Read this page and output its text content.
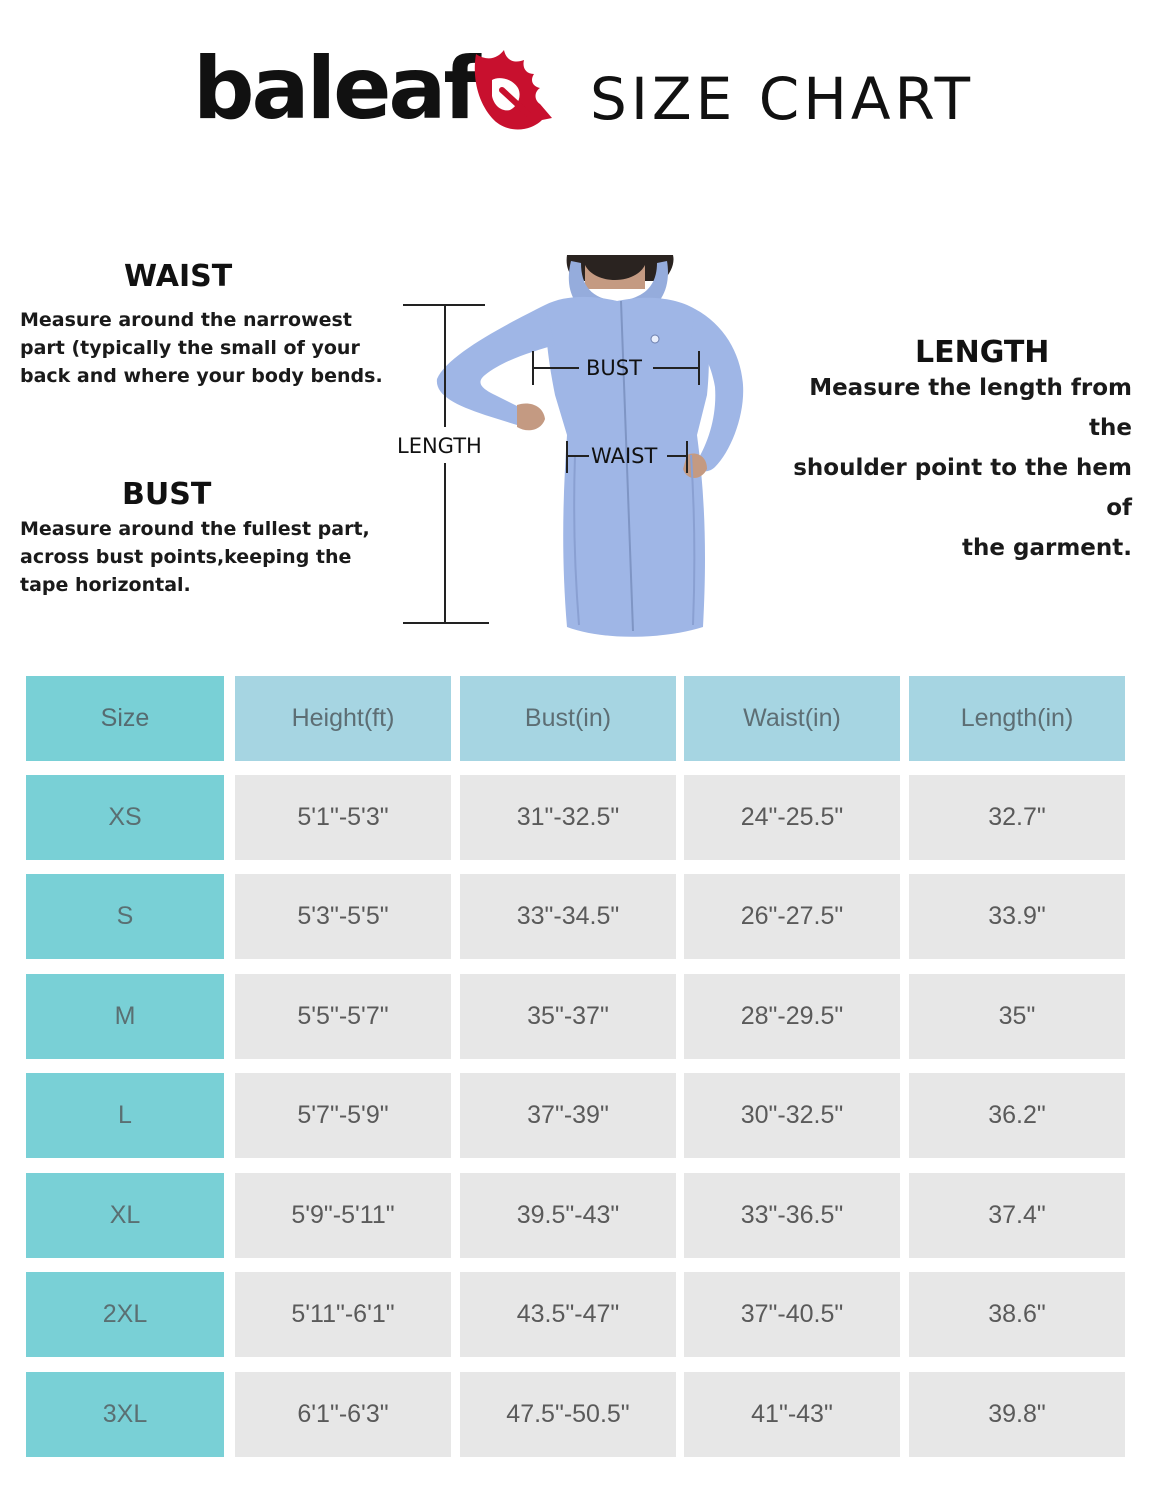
baleaf SIZE CHART
WAIST
Measure around the narrowest
part (typically the small of your
back and where your body bends.
BUST
Measure around the fullest part,
across bust points,keeping the
tape horizontal.
LENGTH
Measure the length from the
shoulder point to the hem of
the garment.
BUST
WAIST
LENGTH
Size	Height(ft)	Bust(in)	Waist(in)	Length(in)
XS	5'1"-5'3"	31"-32.5"	24"-25.5"	32.7"
S	5'3"-5'5"	33"-34.5"	26"-27.5"	33.9"
M	5'5"-5'7"	35"-37"	28"-29.5"	35"
L	5'7"-5'9"	37"-39"	30"-32.5"	36.2"
XL	5'9"-5'11"	39.5"-43"	33"-36.5"	37.4"
2XL	5'11"-6'1"	43.5"-47"	37"-40.5"	38.6"
3XL	6'1"-6'3"	47.5"-50.5"	41"-43"	39.8"
